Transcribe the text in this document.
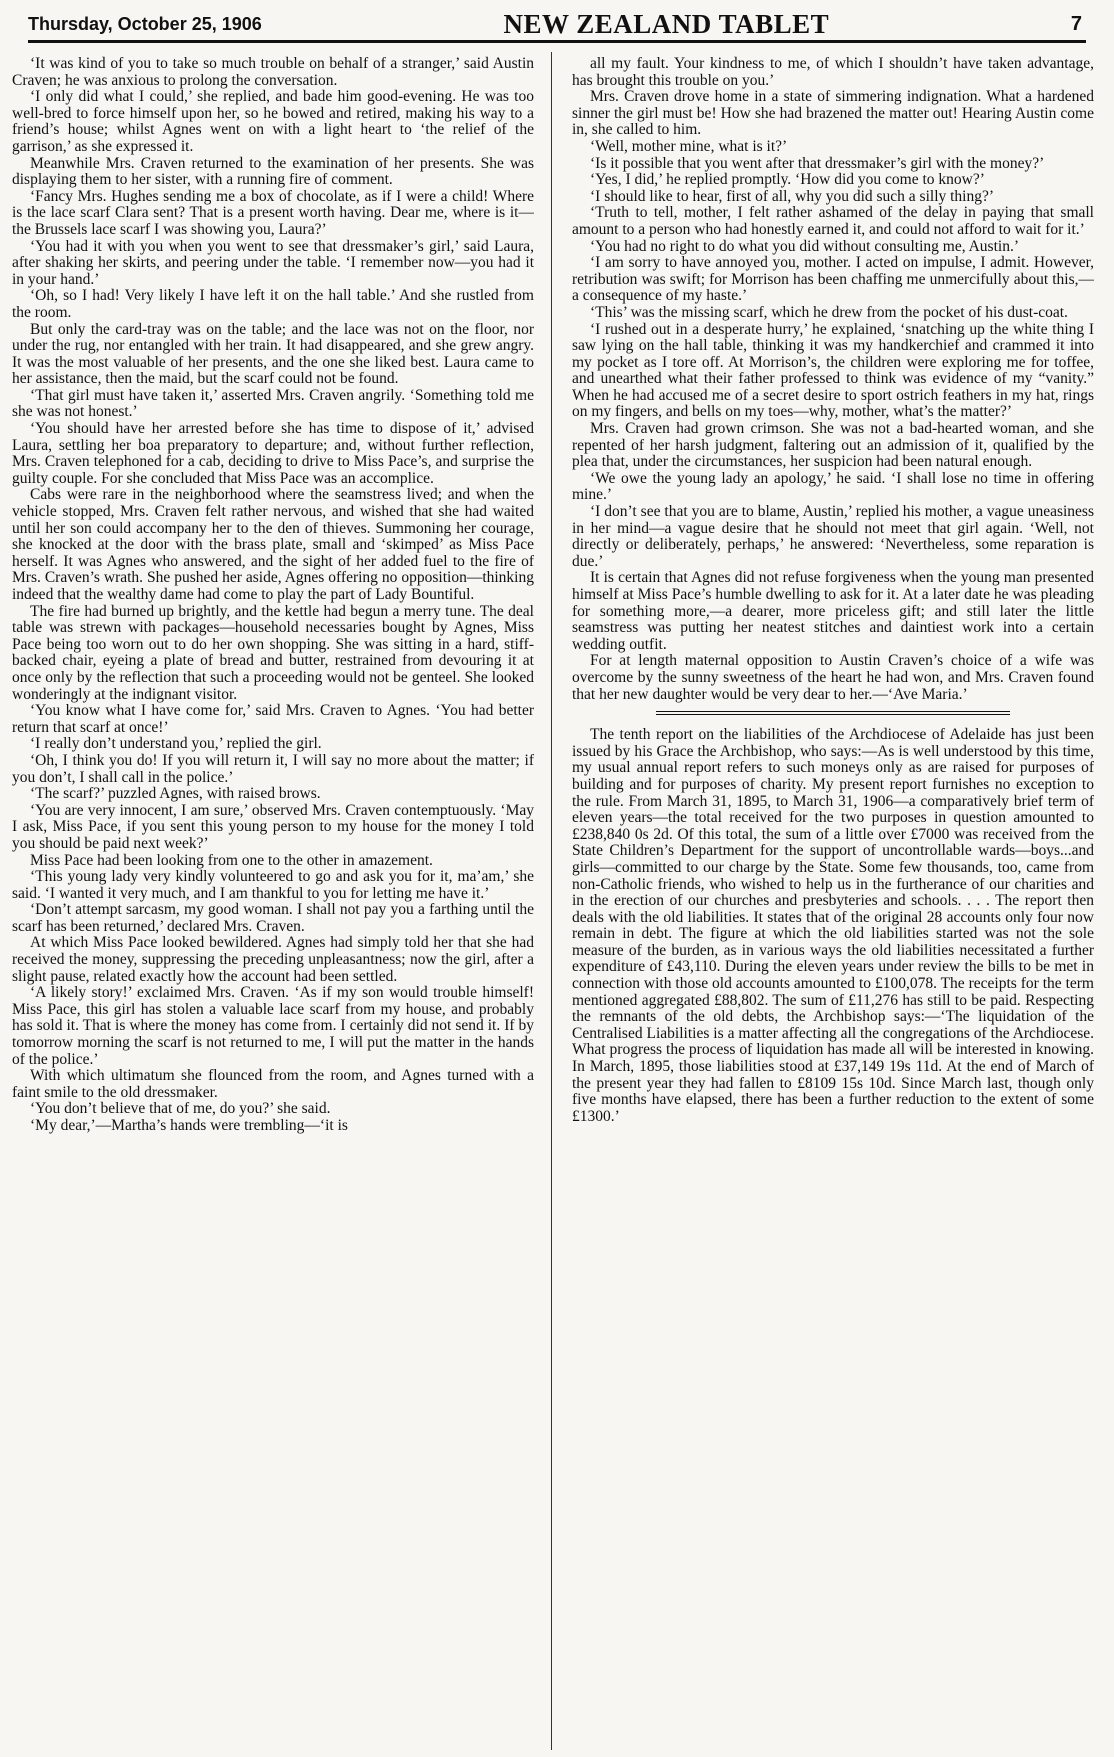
Thursday, October 25, 1906	NEW ZEALAND TABLET	7

‘It was kind of you to take so much trouble on behalf of a stranger,’ said Austin Craven; he was anxious to prolong the conversation.

‘I only did what I could,’ she replied, and bade him good-evening. He was too well-bred to force himself upon her, so he bowed and retired, making his way to a friend’s house; whilst Agnes went on with a light heart to ‘the relief of the garrison,’ as she expressed it.

Meanwhile Mrs. Craven returned to the examination of her presents. She was displaying them to her sister, with a running fire of comment.

‘Fancy Mrs. Hughes sending me a box of chocolate, as if I were a child! Where is the lace scarf Clara sent? That is a present worth having. Dear me, where is it—the Brussels lace scarf I was showing you, Laura?’

‘You had it with you when you went to see that dressmaker’s girl,’ said Laura, after shaking her skirts, and peering under the table. ‘I remember now—you had it in your hand.’

‘Oh, so I had! Very likely I have left it on the hall table.’ And she rustled from the room.

But only the card-tray was on the table; and the lace was not on the floor, nor under the rug, nor entangled with her train. It had disappeared, and she grew angry. It was the most valuable of her presents, and the one she liked best. Laura came to her assistance, then the maid, but the scarf could not be found.

‘That girl must have taken it,’ asserted Mrs. Craven angrily. ‘Something told me she was not honest.’

‘You should have her arrested before she has time to dispose of it,’ advised Laura, settling her boa preparatory to departure; and, without further reflection, Mrs. Craven telephoned for a cab, deciding to drive to Miss Pace’s, and surprise the guilty couple. For she concluded that Miss Pace was an accomplice.

Cabs were rare in the neighborhood where the seamstress lived; and when the vehicle stopped, Mrs. Craven felt rather nervous, and wished that she had waited until her son could accompany her to the den of thieves. Summoning her courage, she knocked at the door with the brass plate, small and ‘skimped’ as Miss Pace herself. It was Agnes who answered, and the sight of her added fuel to the fire of Mrs. Craven’s wrath. She pushed her aside, Agnes offering no opposition—thinking indeed that the wealthy dame had come to play the part of Lady Bountiful.

The fire had burned up brightly, and the kettle had begun a merry tune. The deal table was strewn with packages—household necessaries bought by Agnes, Miss Pace being too worn out to do her own shopping. She was sitting in a hard, stiff-backed chair, eyeing a plate of bread and butter, restrained from devouring it at once only by the reflection that such a proceeding would not be genteel. She looked wonderingly at the indignant visitor.

‘You know what I have come for,’ said Mrs. Craven to Agnes. ‘You had better return that scarf at once!’

‘I really don’t understand you,’ replied the girl.

‘Oh, I think you do! If you will return it, I will say no more about the matter; if you don’t, I shall call in the police.’

‘The scarf?’ puzzled Agnes, with raised brows.

‘You are very innocent, I am sure,’ observed Mrs. Craven contemptuously. ‘May I ask, Miss Pace, if you sent this young person to my house for the money I told you should be paid next week?’

Miss Pace had been looking from one to the other in amazement.

‘This young lady very kindly volunteered to go and ask you for it, ma’am,’ she said. ‘I wanted it very much, and I am thankful to you for letting me have it.’

‘Don’t attempt sarcasm, my good woman. I shall not pay you a farthing until the scarf has been returned,’ declared Mrs. Craven.

At which Miss Pace looked bewildered. Agnes had simply told her that she had received the money, suppressing the preceding unpleasantness; now the girl, after a slight pause, related exactly how the account had been settled.

‘A likely story!’ exclaimed Mrs. Craven. ‘As if my son would trouble himself! Miss Pace, this girl has stolen a valuable lace scarf from my house, and probably has sold it. That is where the money has come from. I certainly did not send it. If by tomorrow morning the scarf is not returned to me, I will put the matter in the hands of the police.’

With which ultimatum she flounced from the room, and Agnes turned with a faint smile to the old dressmaker.

‘You don’t believe that of me, do you?’ she said.

‘My dear,’—Martha’s hands were trembling—‘it is

all my fault. Your kindness to me, of which I shouldn’t have taken advantage, has brought this trouble on you.’

Mrs. Craven drove home in a state of simmering indignation. What a hardened sinner the girl must be! How she had brazened the matter out! Hearing Austin come in, she called to him.

‘Well, mother mine, what is it?’

‘Is it possible that you went after that dressmaker’s girl with the money?’

‘Yes, I did,’ he replied promptly. ‘How did you come to know?’

‘I should like to hear, first of all, why you did such a silly thing?’

‘Truth to tell, mother, I felt rather ashamed of the delay in paying that small amount to a person who had honestly earned it, and could not afford to wait for it.’

‘You had no right to do what you did without consulting me, Austin.’

‘I am sorry to have annoyed you, mother. I acted on impulse, I admit. However, retribution was swift; for Morrison has been chaffing me unmercifully about this,—a consequence of my haste.’

‘This’ was the missing scarf, which he drew from the pocket of his dust-coat.

‘I rushed out in a desperate hurry,’ he explained, ‘snatching up the white thing I saw lying on the hall table, thinking it was my handkerchief and crammed it into my pocket as I tore off. At Morrison’s, the children were exploring me for toffee, and unearthed what their father professed to think was evidence of my “vanity.” When he had accused me of a secret desire to sport ostrich feathers in my hat, rings on my fingers, and bells on my toes—why, mother, what’s the matter?’

Mrs. Craven had grown crimson. She was not a bad-hearted woman, and she repented of her harsh judgment, faltering out an admission of it, qualified by the plea that, under the circumstances, her suspicion had been natural enough.

‘We owe the young lady an apology,’ he said. ‘I shall lose no time in offering mine.’

‘I don’t see that you are to blame, Austin,’ replied his mother, a vague uneasiness in her mind—a vague desire that he should not meet that girl again. ‘Well, not directly or deliberately, perhaps,’ he answered: ‘Nevertheless, some reparation is due.’

It is certain that Agnes did not refuse forgiveness when the young man presented himself at Miss Pace’s humble dwelling to ask for it. At a later date he was pleading for something more,—a dearer, more priceless gift; and still later the little seamstress was putting her neatest stitches and daintiest work into a certain wedding outfit.

For at length maternal opposition to Austin Craven’s choice of a wife was overcome by the sunny sweetness of the heart he had won, and Mrs. Craven found that her new daughter would be very dear to her.—‘Ave Maria.’

The tenth report on the liabilities of the Archdiocese of Adelaide has just been issued by his Grace the Archbishop, who says:—As is well understood by this time, my usual annual report refers to such moneys only as are raised for purposes of building and for purposes of charity. My present report furnishes no exception to the rule. From March 31, 1895, to March 31, 1906—a comparatively brief term of eleven years—the total received for the two purposes in question amounted to £238,840 0s 2d. Of this total, the sum of a little over £7000 was received from the State Children’s Department for the support of uncontrollable wards—boys...and girls—committed to our charge by the State. Some few thousands, too, came from non-Catholic friends, who wished to help us in the furtherance of our charities and in the erection of our churches and presbyteries and schools. . . . The report then deals with the old liabilities. It states that of the original 28 accounts only four now remain in debt. The figure at which the old liabilities started was not the sole measure of the burden, as in various ways the old liabilities necessitated a further expenditure of £43,110. During the eleven years under review the bills to be met in connection with those old accounts amounted to £100,078. The receipts for the term mentioned aggregated £88,802. The sum of £11,276 has still to be paid. Respecting the remnants of the old debts, the Archbishop says:—‘The liquidation of the Centralised Liabilities is a matter affecting all the congregations of the Archdiocese. What progress the process of liquidation has made all will be interested in knowing. In March, 1895, those liabilities stood at £37,149 19s 11d. At the end of March of the present year they had fallen to £8109 15s 10d. Since March last, though only five months have elapsed, there has been a further reduction to the extent of some £1300.’
